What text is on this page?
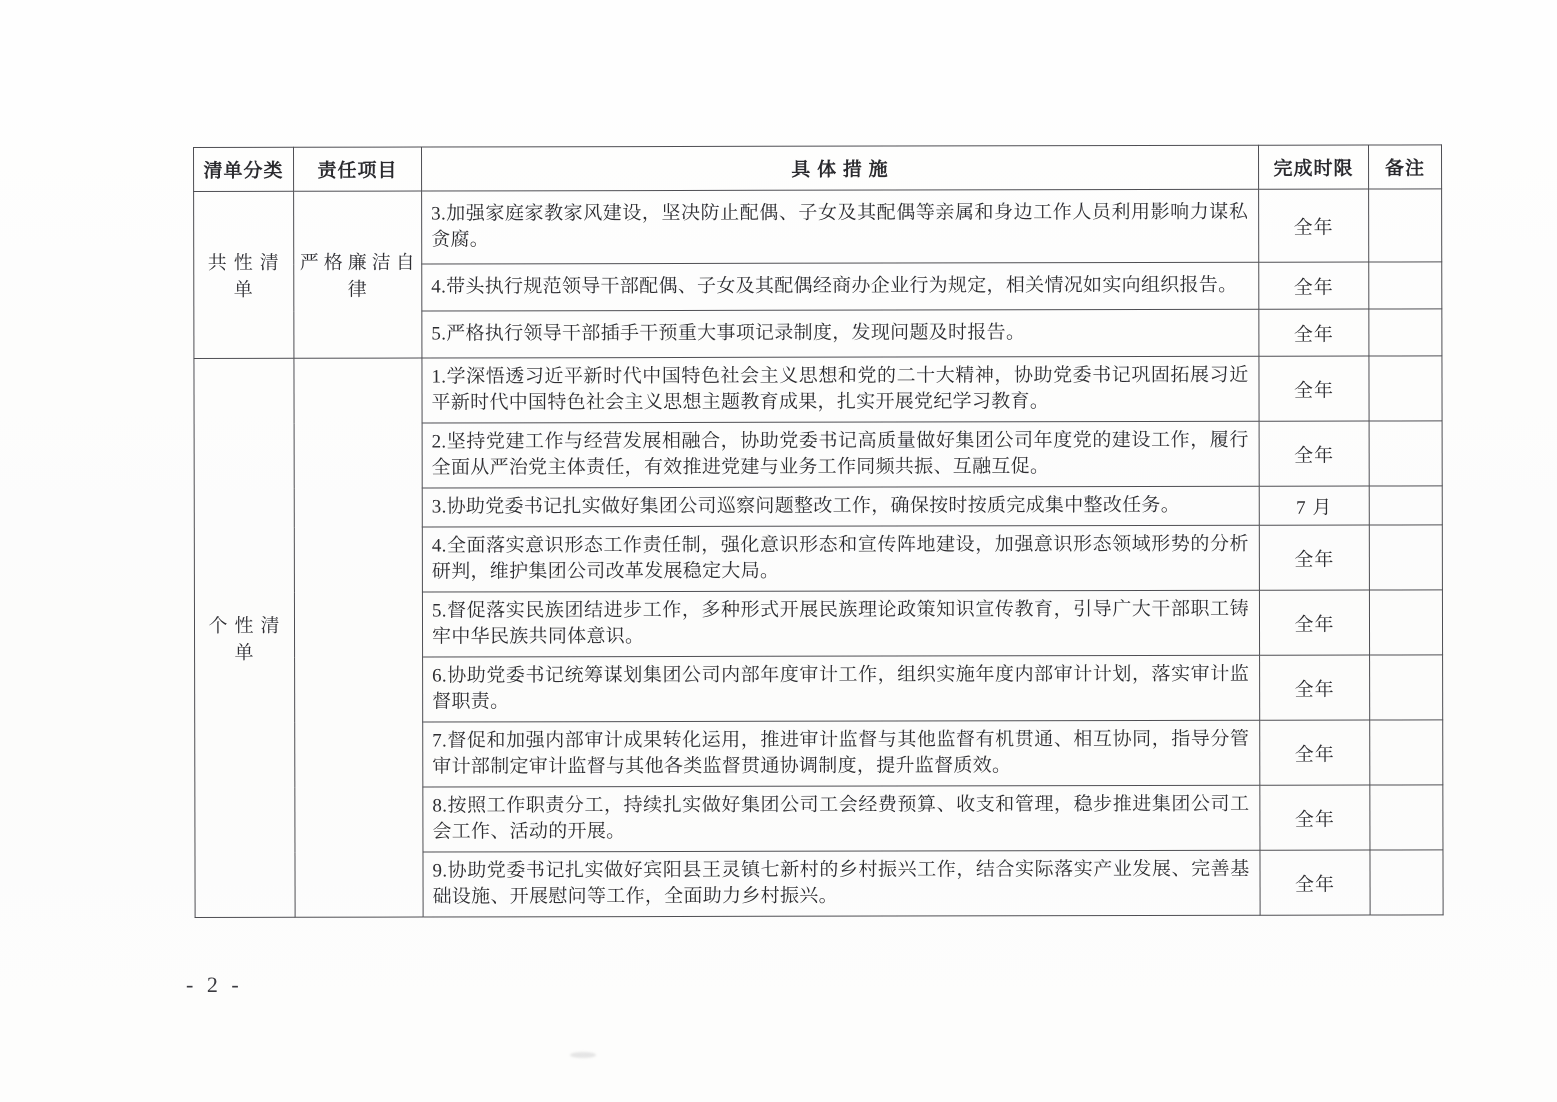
清单分类	责任项目	具 体 措 施	完成时限	备注
共性清单	严格廉洁自律	3.加强家庭家教家风建设，坚决防止配偶、子女及其配偶等亲属和身边工作人员利用影响力谋私贪腐。	全年	
		4.带头执行规范领导干部配偶、子女及其配偶经商办企业行为规定，相关情况如实向组织报告。	全年	
		5.严格执行领导干部插手干预重大事项记录制度，发现问题及时报告。	全年	
个性清单		1.学深悟透习近平新时代中国特色社会主义思想和党的二十大精神，协助党委书记巩固拓展习近平新时代中国特色社会主义思想主题教育成果，扎实开展党纪学习教育。	全年	
		2.坚持党建工作与经营发展相融合，协助党委书记高质量做好集团公司年度党的建设工作，履行全面从严治党主体责任，有效推进党建与业务工作同频共振、互融互促。	全年	
		3.协助党委书记扎实做好集团公司巡察问题整改工作，确保按时按质完成集中整改任务。	7 月	
		4.全面落实意识形态工作责任制，强化意识形态和宣传阵地建设，加强意识形态领域形势的分析研判，维护集团公司改革发展稳定大局。	全年	
		5.督促落实民族团结进步工作，多种形式开展民族理论政策知识宣传教育，引导广大干部职工铸牢中华民族共同体意识。	全年	
		6.协助党委书记统筹谋划集团公司内部年度审计工作，组织实施年度内部审计计划，落实审计监督职责。	全年	
		7.督促和加强内部审计成果转化运用，推进审计监督与其他监督有机贯通、相互协同，指导分管审计部制定审计监督与其他各类监督贯通协调制度，提升监督质效。	全年	
		8.按照工作职责分工，持续扎实做好集团公司工会经费预算、收支和管理，稳步推进集团公司工会工作、活动的开展。	全年	
		9.协助党委书记扎实做好宾阳县王灵镇七新村的乡村振兴工作，结合实际落实产业发展、完善基础设施、开展慰问等工作，全面助力乡村振兴。	全年	
- 2 -
